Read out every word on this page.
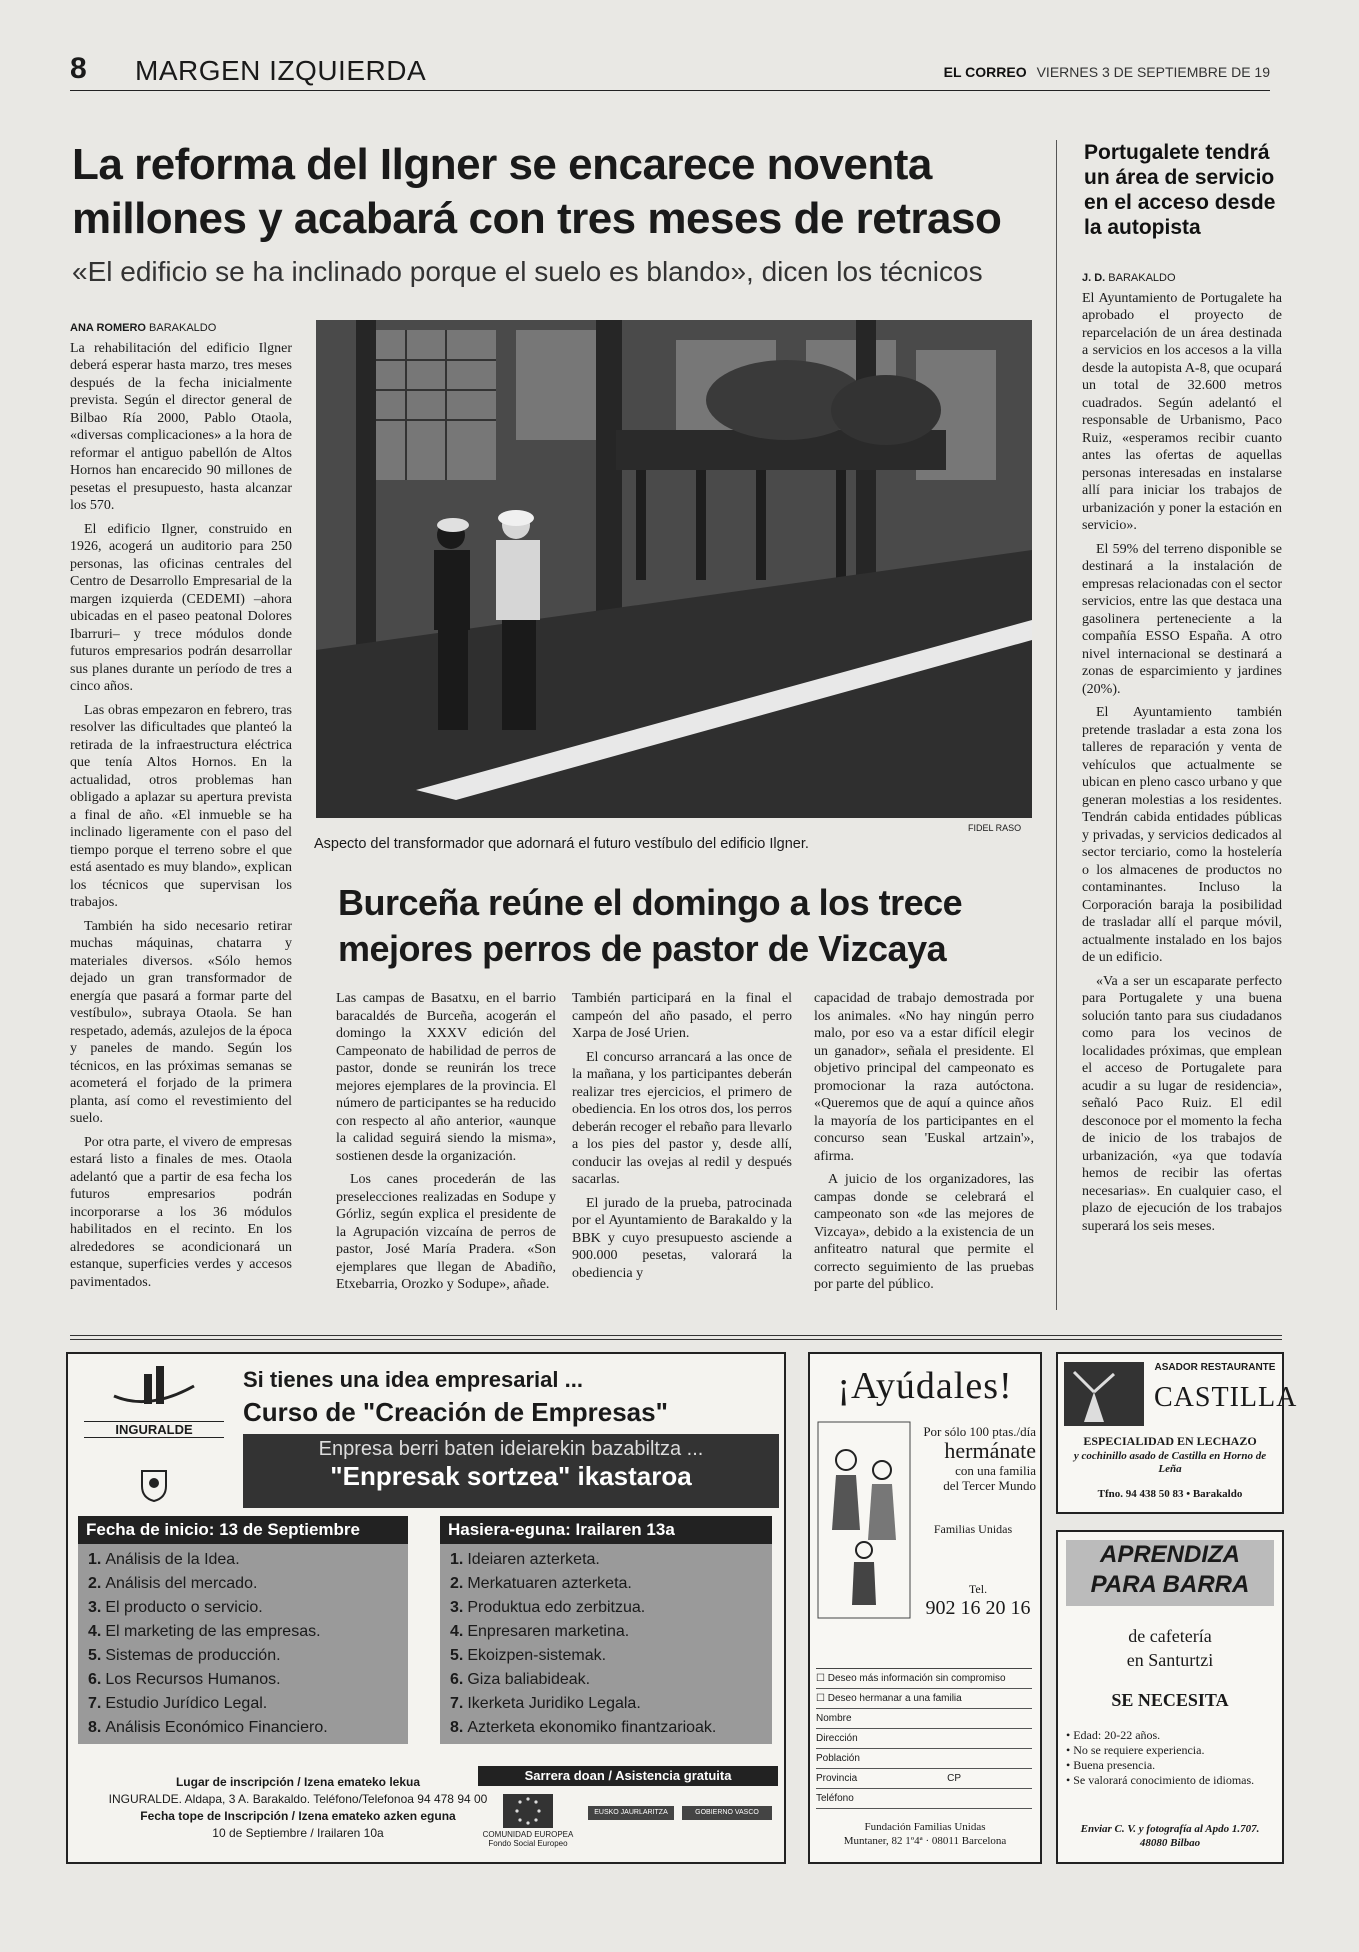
8 MARGEN IZQUIERDA	EL CORREO VIERNES 3 DE SEPTIEMBRE DE 19
La reforma del Ilgner se encarece noventa
millones y acabará con tres meses de retraso
«El edificio se ha inclinado porque el suelo es blando», dicen los técnicos

ANA ROMERO BARAKALDO

La rehabilitación del edificio Ilgner deberá esperar hasta marzo, tres meses después de la fecha inicialmente prevista. Según el director general de Bilbao Ría 2000, Pablo Otaola, «diversas complicaciones» a la hora de reformar el antiguo pabellón de Altos Hornos han encarecido 90 millones de pesetas el presupuesto, hasta alcanzar los 570.

El edificio Ilgner, construido en 1926, acogerá un auditorio para 250 personas, las oficinas centrales del Centro de Desarrollo Empresarial de la margen izquierda (CEDEMI) –ahora ubicadas en el paseo peatonal Dolores Ibarruri– y trece módulos donde futuros empresarios podrán desarrollar sus planes durante un período de tres a cinco años.

Las obras empezaron en febrero, tras resolver las dificultades que planteó la retirada de la infraestructura eléctrica que tenía Altos Hornos. En la actualidad, otros problemas han obligado a aplazar su apertura prevista a final de año. «El inmueble se ha inclinado ligeramente con el paso del tiempo porque el terreno sobre el que está asentado es muy blando», explican los técnicos que supervisan los trabajos.

También ha sido necesario retirar muchas máquinas, chatarra y materiales diversos. «Sólo hemos dejado un gran transformador de energía que pasará a formar parte del vestíbulo», subraya Otaola. Se han respetado, además, azulejos de la época y paneles de mando. Según los técnicos, en las próximas semanas se acometerá el forjado de la primera planta, así como el revestimiento del suelo.

Por otra parte, el vivero de empresas estará listo a finales de mes. Otaola adelantó que a partir de esa fecha los futuros empresarios podrán incorporarse a los 36 módulos habilitados en el recinto. En los alrededores se acondicionará un estanque, superficies verdes y accesos pavimentados.

FIDEL RASO
Aspecto del transformador que adornará el futuro vestíbulo del edificio Ilgner.
Burceña reúne el domingo a los trece
mejores perros de pastor de Vizcaya

Las campas de Basatxu, en el barrio baracaldés de Burceña, acogerán el domingo la XXXV edición del Campeonato de habilidad de perros de pastor, donde se reunirán los trece mejores ejemplares de la provincia. El número de participantes se ha reducido con respecto al año anterior, «aunque la calidad seguirá siendo la misma», sostienen desde la organización.

Los canes procederán de las preselecciones realizadas en Sodupe y Górliz, según explica el presidente de la Agrupación vizcaína de perros de pastor, José María Pradera. «Son ejemplares que llegan de Abadiño, Etxebarria, Orozko y Sodupe», añade.

También participará en la final el campeón del año pasado, el perro Xarpa de José Urien.

El concurso arrancará a las once de la mañana, y los participantes deberán realizar tres ejercicios, el primero de obediencia. En los otros dos, los perros deberán recoger el rebaño para llevarlo a los pies del pastor y, desde allí, conducir las ovejas al redil y después sacarlas.

El jurado de la prueba, patrocinada por el Ayuntamiento de Barakaldo y la BBK y cuyo presupuesto asciende a 900.000 pesetas, valorará la obediencia y

capacidad de trabajo demostrada por los animales. «No hay ningún perro malo, por eso va a estar difícil elegir un ganador», señala el presidente. El objetivo principal del campeonato es promocionar la raza autóctona. «Queremos que de aquí a quince años la mayoría de los participantes en el concurso sean 'Euskal artzain'», afirma.

A juicio de los organizadores, las campas donde se celebrará el campeonato son «de las mejores de Vizcaya», debido a la existencia de un anfiteatro natural que permite el correcto seguimiento de las pruebas por parte del público.

Portugalete tendrá un área de servicio en el acceso desde la autopista

J. D. BARAKALDO

El Ayuntamiento de Portugalete ha aprobado el proyecto de reparcelación de un área destinada a servicios en los accesos a la villa desde la autopista A-8, que ocupará un total de 32.600 metros cuadrados. Según adelantó el responsable de Urbanismo, Paco Ruiz, «esperamos recibir cuanto antes las ofertas de aquellas personas interesadas en instalarse allí para iniciar los trabajos de urbanización y poner la estación en servicio».

El 59% del terreno disponible se destinará a la instalación de empresas relacionadas con el sector servicios, entre las que destaca una gasolinera perteneciente a la compañía ESSO España. A otro nivel internacional se destinará a zonas de esparcimiento y jardines (20%).

El Ayuntamiento también pretende trasladar a esta zona los talleres de reparación y venta de vehículos que actualmente se ubican en pleno casco urbano y que generan molestias a los residentes. Tendrán cabida entidades públicas y privadas, y servicios dedicados al sector terciario, como la hostelería o los almacenes de productos no contaminantes. Incluso la Corporación baraja la posibilidad de trasladar allí el parque móvil, actualmente instalado en los bajos de un edificio.

«Va a ser un escaparate perfecto para Portugalete y una buena solución tanto para sus ciudadanos como para los vecinos de localidades próximas, que emplean el acceso de Portugalete para acudir a su lugar de residencia», señaló Paco Ruiz. El edil desconoce por el momento la fecha de inicio de los trabajos de urbanización, «ya que todavía hemos de recibir las ofertas necesarias». En cualquier caso, el plazo de ejecución de los trabajos superará los seis meses.

INGURALDE
Si tienes una idea empresarial ...
Curso de "Creación de Empresas"
Enpresa berri baten ideiarekin bazabiltza ...
"Enpresak sortzea" ikastaroa
Fecha de inicio: 13 de Septiembre
1. Análisis de la Idea.
2. Análisis del mercado.
3. El producto o servicio.
4. El marketing de las empresas.
5. Sistemas de producción.
6. Los Recursos Humanos.
7. Estudio Jurídico Legal.
8. Análisis Económico Financiero.
Hasiera-eguna: Irailaren 13a
1. Ideiaren azterketa.
2. Merkatuaren azterketa.
3. Produktua edo zerbitzua.
4. Enpresaren marketina.
5. Ekoizpen-sistemak.
6. Giza baliabideak.
7. Ikerketa Juridiko Legala.
8. Azterketa ekonomiko finantzarioak.
Lugar de inscripción / Izena emateko lekua
INGURALDE. Aldapa, 3 A. Barakaldo. Teléfono/Telefonoa 94 478 94 00
Fecha tope de Inscripción / Izena emateko azken eguna
10 de Septiembre / Irailaren 10a
Sarrera doan / Asistencia gratuita
COMUNIDAD EUROPEA
Fondo Social Europeo
EUSKO JAURLARITZA	GOBIERNO VASCO
¡Ayúdales!
Por sólo 100 ptas./día
hermánate
con una familia
del Tercer Mundo
Familias Unidas
Tel.
902 16 20 16
☐ Deseo más información sin compromiso
☐ Deseo hermanar a una familia
Nombre
Dirección
Población
Provincia	CP
Teléfono
Fundación Familias Unidas
Muntaner, 82 1º4ª · 08011 Barcelona
ASADOR RESTAURANTE
CASTILLA
ESPECIALIDAD EN LECHAZO
y cochinillo asado de Castilla en Horno de Leña
Tfno. 94 438 50 83 • Barakaldo
APRENDIZA
PARA BARRA
de cafetería
en Santurtzi
SE NECESITA
• Edad: 20-22 años.
• No se requiere experiencia.
• Buena presencia.
• Se valorará conocimiento de idiomas.
Enviar C. V. y fotografía al Apdo 1.707. 48080 Bilbao
